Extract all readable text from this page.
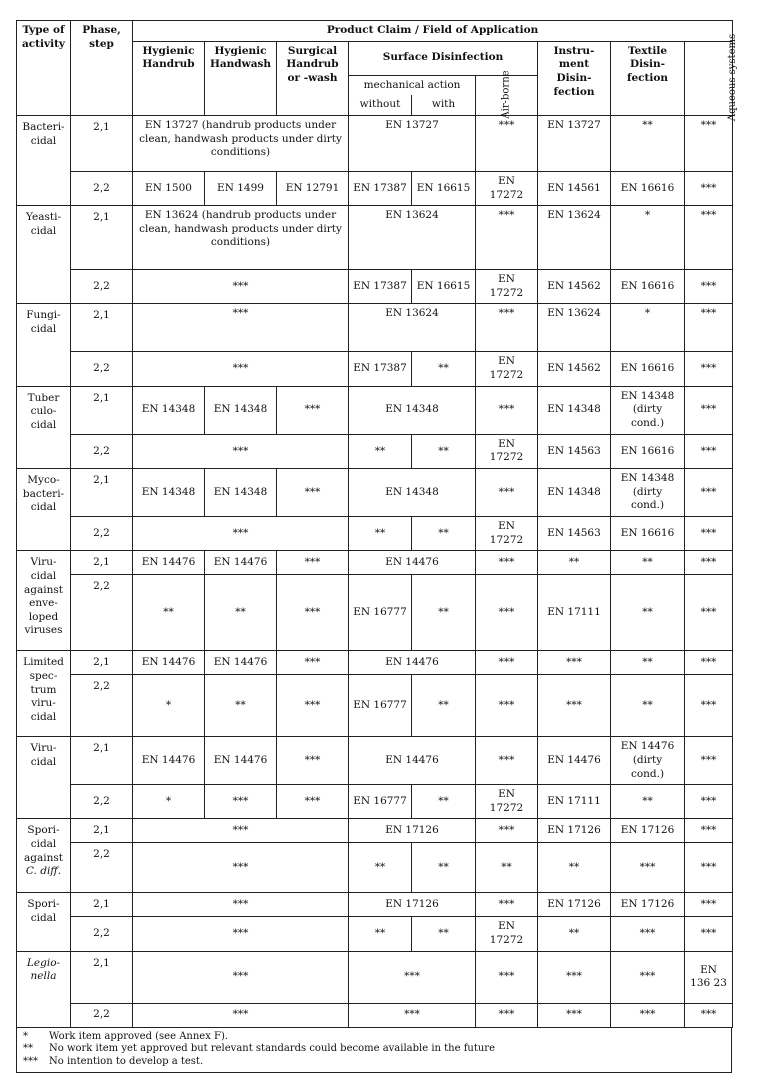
Type of activity	Phase, step	Product Claim / Field of Application								
		Hygienic Handrub	Hygienic Handwash	Surgical Handrub or -wash	Surface Disinfection			Instru-ment Disin-fection	Textile Disin-fection	Aqueous systems
					mechanical action		Air-borne			
					without	with				
Bacteri-cidal	2,1	EN 13727 (handrub products under clean, handwash products under dirty conditions)			EN 13727		***	EN 13727	**	***
	2,2	EN 1500	EN 1499	EN 12791	EN 17387	EN 16615	EN 17272	EN 14561	EN 16616	***
Yeasti-cidal	2,1	EN 13624 (handrub products under clean, handwash products under dirty conditions)			EN 13624		***	EN 13624	*	***
	2,2	***			EN 17387	EN 16615	EN 17272	EN 14562	EN 16616	***
Fungi-cidal	2,1	***			EN 13624		***	EN 13624	*	***
	2,2	***			EN 17387	**	EN 17272	EN 14562	EN 16616	***
Tuber culo-cidal	2,1	EN 14348	EN 14348	***	EN 14348		***	EN 14348	EN 14348 (dirty cond.)	***
	2,2	***			**	**	EN 17272	EN 14563	EN 16616	***
Myco-bacteri-cidal	2,1	EN 14348	EN 14348	***	EN 14348		***	EN 14348	EN 14348 (dirty cond.)	***
	2,2	***			**	**	EN 17272	EN 14563	EN 16616	***
Viru-cidal against enve-loped viruses	2,1	EN 14476	EN 14476	***	EN 14476		***	**	**	***
	2,2	**	**	***	EN 16777	**	***	EN 17111	**	***
Limited spec-trum viru-cidal	2,1	EN 14476	EN 14476	***	EN 14476		***	***	**	***
	2,2	*	**	***	EN 16777	**	***	***	**	***
Viru-cidal	2,1	EN 14476	EN 14476	***	EN 14476		***	EN 14476	EN 14476 (dirty cond.)	***
	2,2	*	***	***	EN 16777	**	EN 17272	EN 17111	**	***
Spori-cidal against C. diff.	2,1	***			EN 17126		***	EN 17126	EN 17126	***
	2,2	***			**	**	**	**	***	***
Spori-cidal	2,1	***			EN 17126		***	EN 17126	EN 17126	***
	2,2	***			**	**	EN 17272	**	***	***
Legio-nella	2,1	***			***		***	***	***	EN 136 23
	2,2	***			***		***	***	***	***
*	Work item approved (see Annex F).
**	No work item yet approved but relevant standards could become available in the future
***	No intention to develop a test.
